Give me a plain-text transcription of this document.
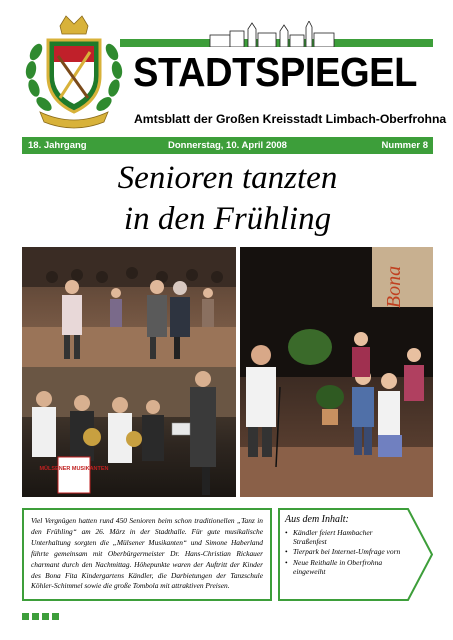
STADTSPIEGEL
Amtsblatt der Großen Kreisstadt Limbach-Oberfrohna
18. Jahrgang	Donnerstag, 10. April 2008	Nummer 8
Senioren tanzten
in den Frühling
MÜLSENER MUSIKANTEN
Bona
Viel Vergnügen hatten rund 450 Senioren beim schon traditionellen „Tanz in den Frühling“ am 26. März in der Stadthalle. Für gute musikalische Unterhaltung sorgten die „Mülsener Musikanten“ und Simone Haberland führte gemeinsam mit Oberbürgermeister Dr. Hans-Christian Rickauer charmant durch den Nachmittag. Höhepunkte waren der Auftritt der Kinder des Bona Fita Kindergartens Kändler, die Darbietungen der Tanzschule Köhler-Schimmel sowie die große Tombola mit attraktiven Preisen.
Aus dem Inhalt:
• Kändler feiert Hambacher Straßenfest
• Tierpark bei Internet-Umfrage vorn
• Neue Reithalle in Oberfrohna eingeweiht
